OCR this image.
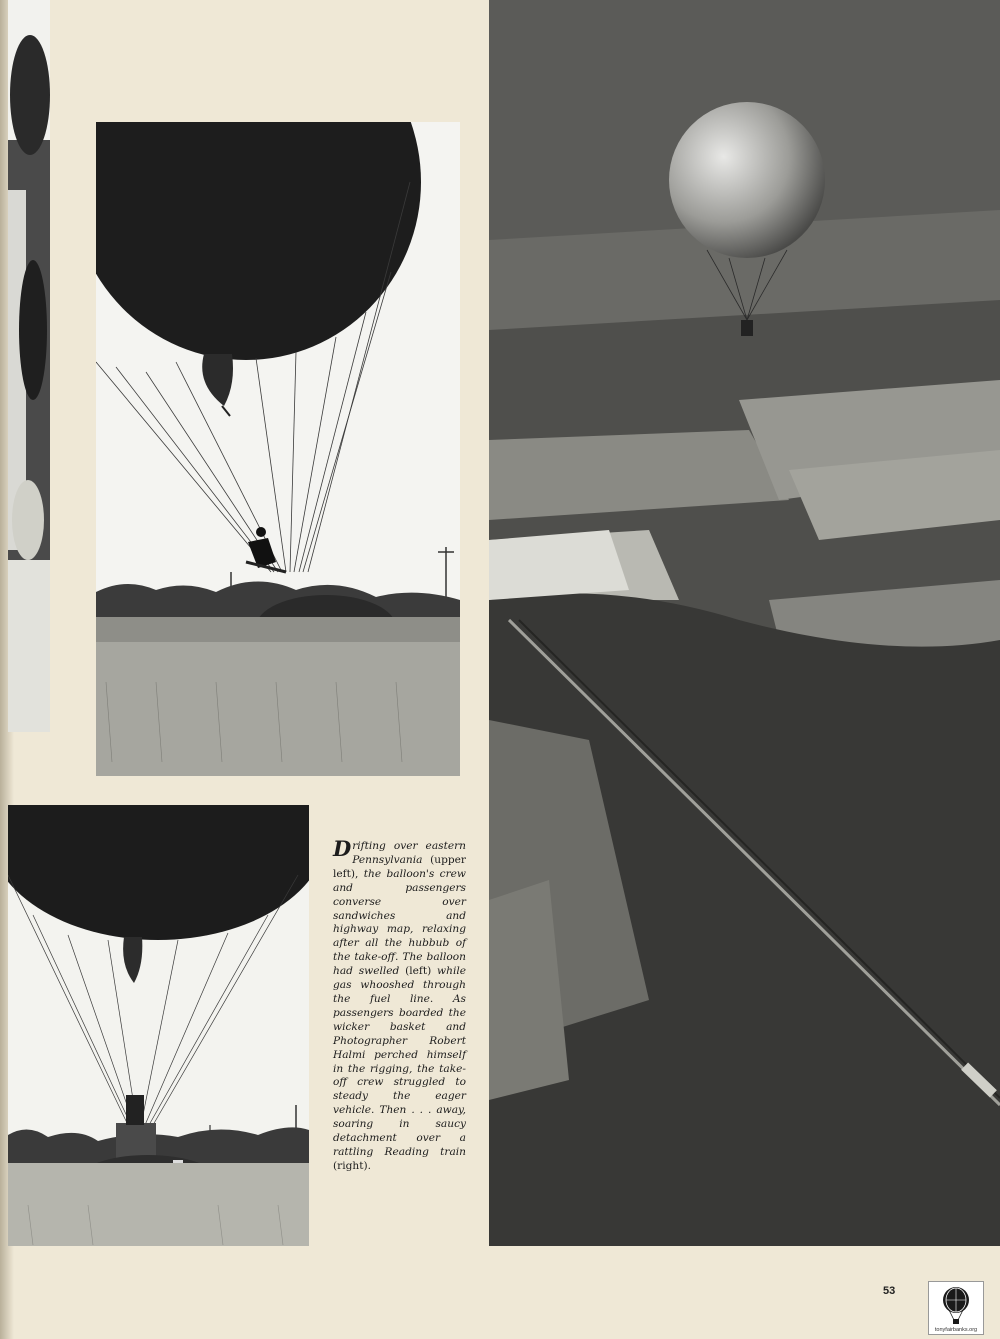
Drifting over eastern Pennsylvania (upper left), the balloon's crew and passengers converse over sandwiches and highway map, relaxing after all the hubbub of the take-off. The balloon had swelled (left) while gas whooshed through the fuel line. As passengers boarded the wicker basket and Photographer Robert Halmi perched himself in the rigging, the take-off crew struggled to steady the eager vehicle. Then . . . away, soaring in saucy detachment over a rattling Reading train (right).
53
tonyfairbanks.org
